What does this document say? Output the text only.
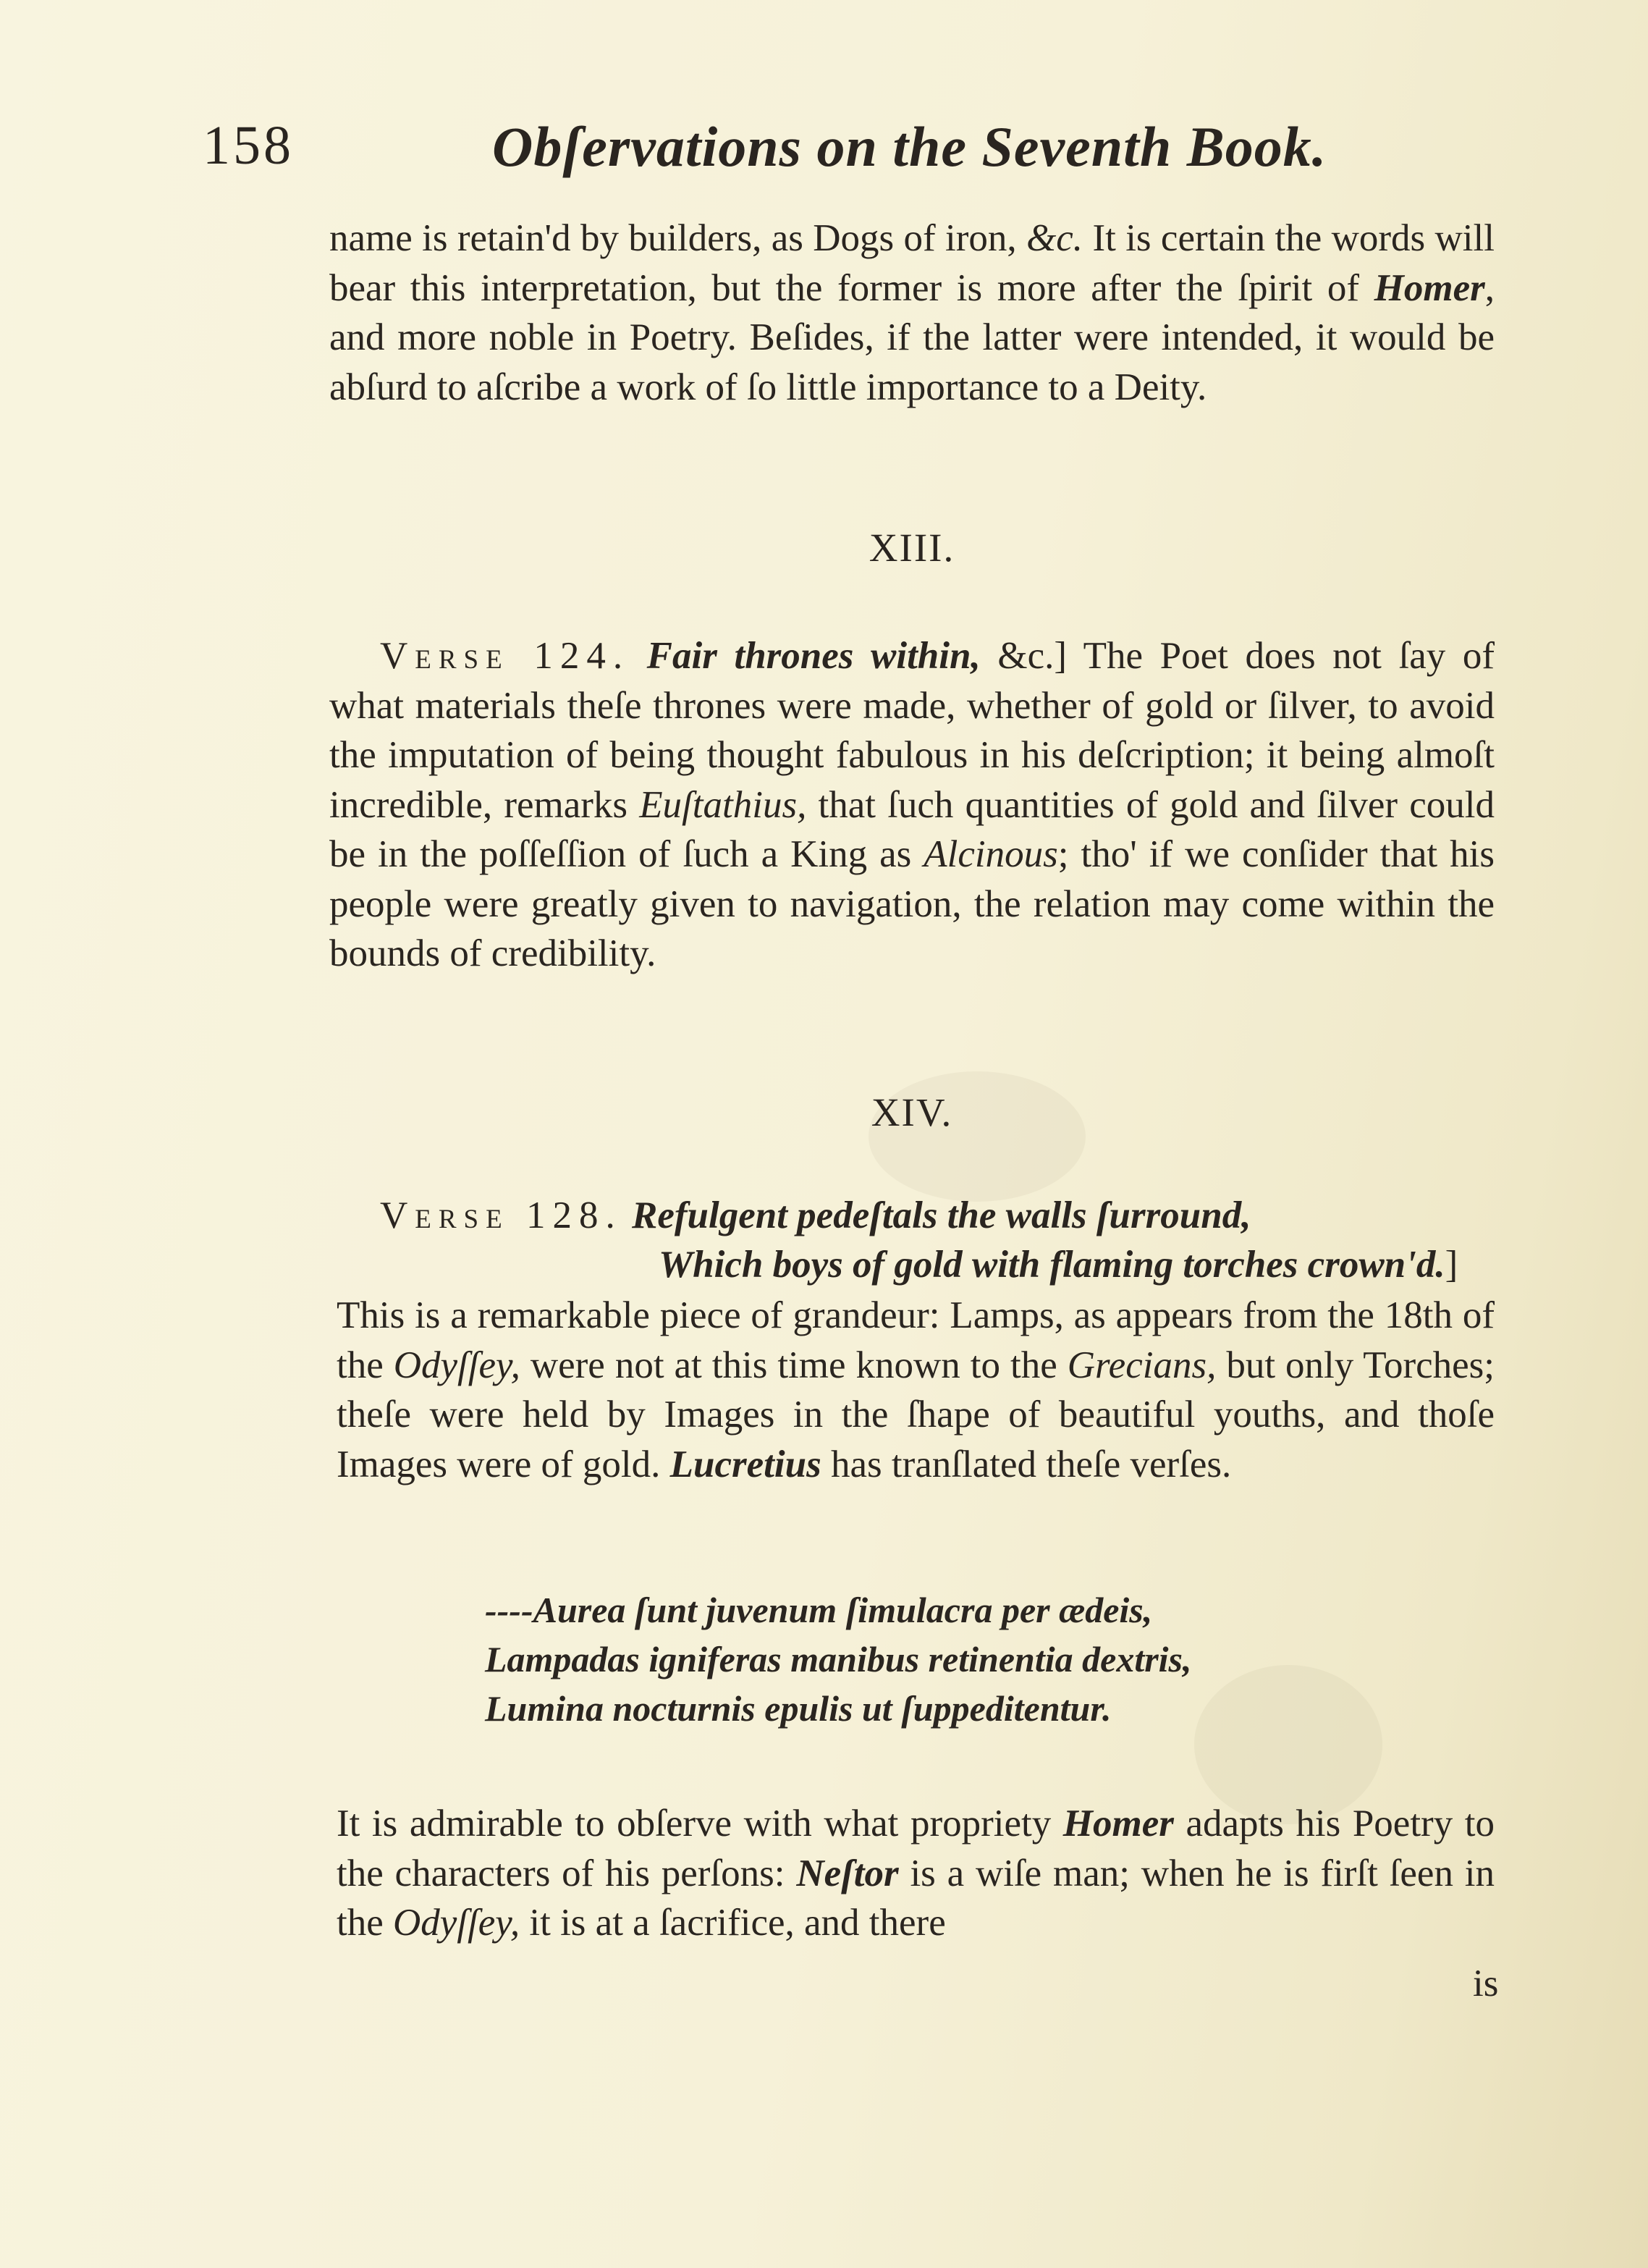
158	Obſervations on the Seventh Book.

name is retain'd by builders, as Dogs of iron, &c. It is certain the words will bear this interpretation, but the former is more after the ſpirit of Homer, and more noble in Poetry. Beſides, if the latter were intended, it would be abſurd to aſcribe a work of ſo little importance to a Deity.

XIII.

Verse 124. Fair thrones within, &c.] The Poet does not ſay of what materials theſe thrones were made, whether of gold or ſilver, to avoid the imputation of being thought fabulous in his deſcription; it being almoſt incredible, remarks Euſtathius, that ſuch quantities of gold and ſilver could be in the poſſeſſion of ſuch a King as Alcinous; tho' if we conſider that his people were greatly given to navigation, the relation may come within the bounds of credibility.

XIV.
Verse 128. Refulgent pedeſtals the walls ſurround,
Which boys of gold with flaming torches crown'd.]

This is a remarkable piece of grandeur: Lamps, as appears from the 18th of the Odyſſey, were not at this time known to the Grecians, but only Torches; theſe were held by Images in the ſhape of beautiful youths, and thoſe Images were of gold. Lucretius has tranſlated theſe verſes.

----Aurea ſunt juvenum ſimulacra per ædeis,
Lampadas igniferas manibus retinentia dextris,
Lumina nocturnis epulis ut ſuppeditentur.

It is admirable to obſerve with what propriety Homer adapts his Poetry to the characters of his perſons: Neſtor is a wiſe man; when he is firſt ſeen in the Odyſſey, it is at a ſacrifice, and there

is
